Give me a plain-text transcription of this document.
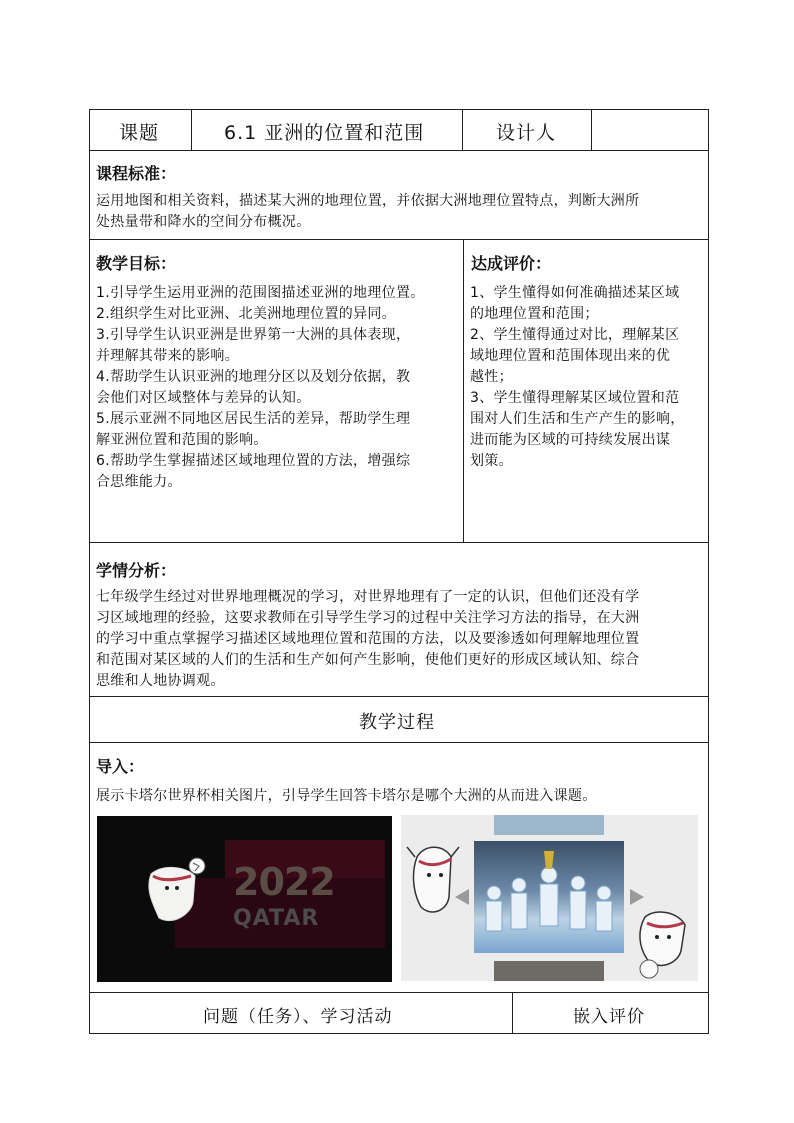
课题	6.1 亚洲的位置和范围	设计人
课程标准：
运用地图和相关资料，描述某大洲的地理位置，并依据大洲地理位置特点，判断大洲所
处热量带和降水的空间分布概况。
教学目标：
1.引导学生运用亚洲的范围图描述亚洲的地理位置。
2.组织学生对比亚洲、北美洲地理位置的异同。
3.引导学生认识亚洲是世界第一大洲的具体表现，
并理解其带来的影响。
4.帮助学生认识亚洲的地理分区以及划分依据，教
会他们对区域整体与差异的认知。
5.展示亚洲不同地区居民生活的差异，帮助学生理
解亚洲位置和范围的影响。
6.帮助学生掌握描述区域地理位置的方法，增强综
合思维能力。
达成评价：
1、学生懂得如何准确描述某区域
的地理位置和范围；
2、学生懂得通过对比，理解某区
域地理位置和范围体现出来的优
越性；
3、学生懂得理解某区域位置和范
围对人们生活和生产产生的影响，
进而能为区域的可持续发展出谋
划策。
学情分析：
七年级学生经过对世界地理概况的学习，对世界地理有了一定的认识，但他们还没有学
习区域地理的经验，这要求教师在引导学生学习的过程中关注学习方法的指导，在大洲
的学习中重点掌握学习描述区域地理位置和范围的方法，以及要渗透如何理解地理位置
和范围对某区域的人们的生活和生产如何产生影响，使他们更好的形成区域认知、综合
思维和人地协调观。
教学过程
导入：
展示卡塔尔世界杯相关图片，引导学生回答卡塔尔是哪个大洲的从而进入课题。
2022
QATAR
问题（任务）、学习活动	嵌入评价
